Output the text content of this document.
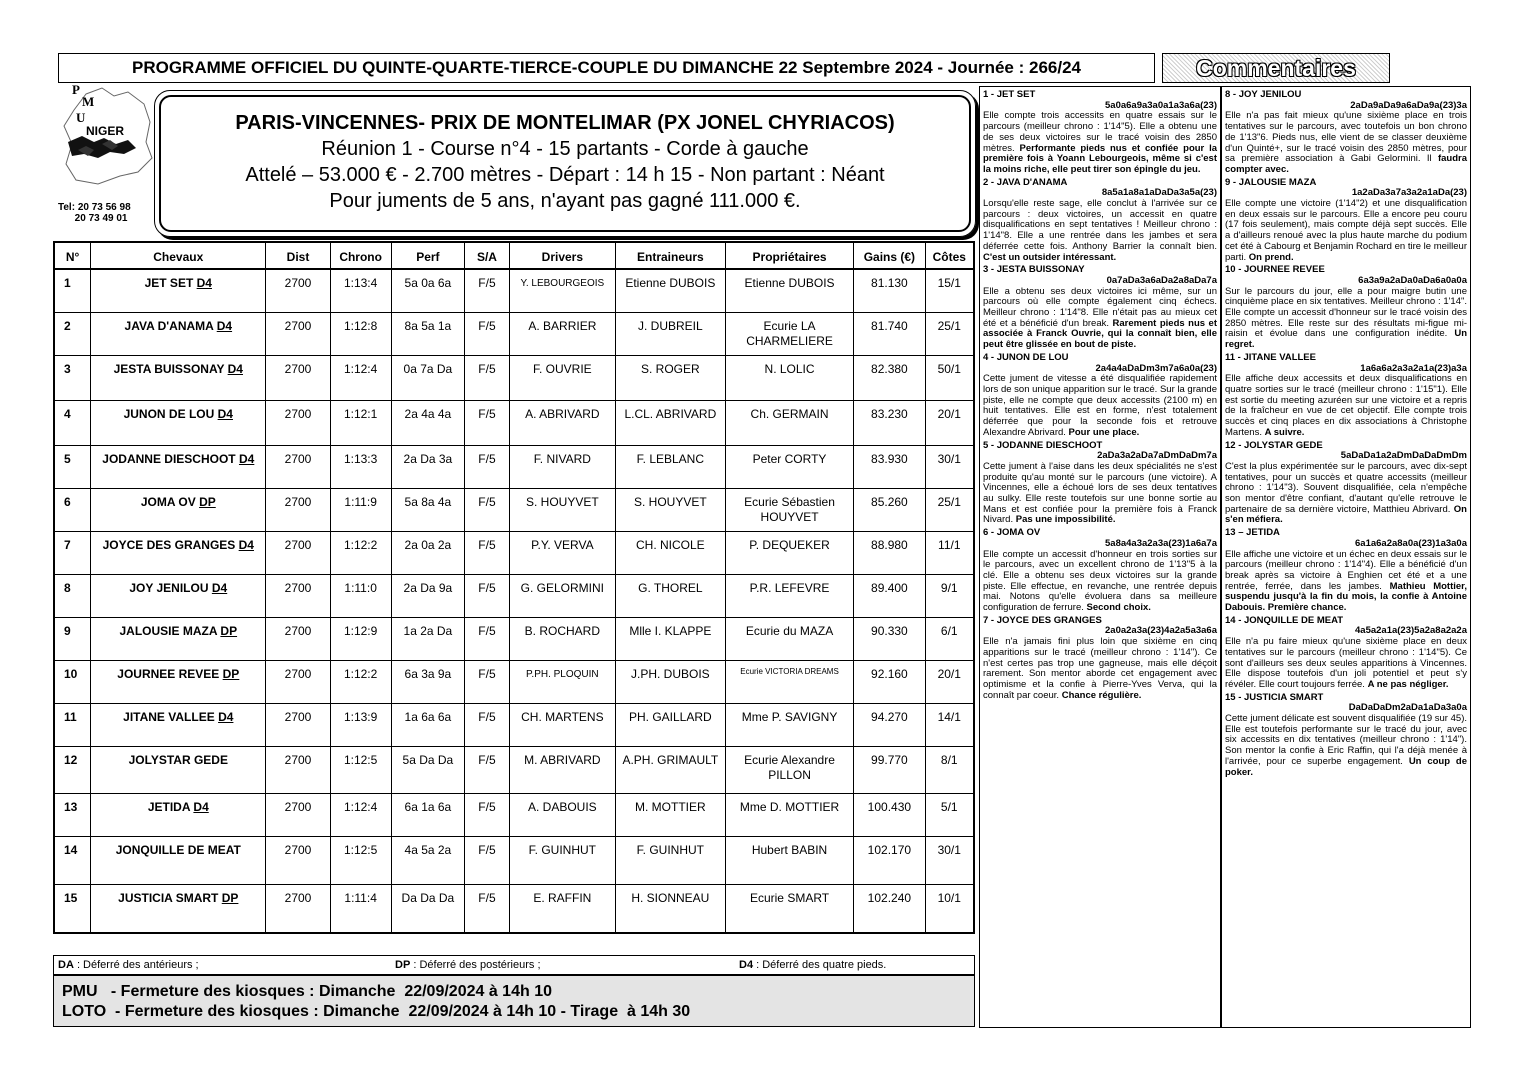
PROGRAMME OFFICIEL DU QUINTE-QUARTE-TIERCE-COUPLE DU DIMANCHE 22 Septembre 2024 - Journée : 266/24	Commentaires
P
M
U
NIGER
Tel: 20 73 56 98
20 73 49 01
PARIS-VINCENNES- PRIX DE MONTELIMAR (PX JONEL CHYRIACOS)
Réunion 1 - Course n°4 - 15 partants - Corde à gauche
Attelé – 53.000 € - 2.700 mètres - Départ : 14 h 15 - Non partant : Néant
Pour juments de 5 ans, n'ayant pas gagné 111.000 €.
N°	Chevaux	Dist	Chrono	Perf	S/A	Drivers	Entraineurs	Propriétaires	Gains (€)	Côtes
1	JET SET D4	2700	1:13:4	5a 0a 6a	F/5	Y. LEBOURGEOIS	Etienne DUBOIS	Etienne DUBOIS	81.130	15/1
2	JAVA D'ANAMA D4	2700	1:12:8	8a 5a 1a	F/5	A. BARRIER	J. DUBREIL	Ecurie LA CHARMELIERE	81.740	25/1
3	JESTA BUISSONAY D4	2700	1:12:4	0a 7a Da	F/5	F. OUVRIE	S. ROGER	N. LOLIC	82.380	50/1
4	JUNON DE LOU D4	2700	1:12:1	2a 4a 4a	F/5	A. ABRIVARD	L.CL. ABRIVARD	Ch. GERMAIN	83.230	20/1
5	JODANNE DIESCHOOT D4	2700	1:13:3	2a Da 3a	F/5	F. NIVARD	F. LEBLANC	Peter CORTY	83.930	30/1
6	JOMA OV DP	2700	1:11:9	5a 8a 4a	F/5	S. HOUYVET	S. HOUYVET	Ecurie Sébastien HOUYVET	85.260	25/1
7	JOYCE DES GRANGES D4	2700	1:12:2	2a 0a 2a	F/5	P.Y. VERVA	CH. NICOLE	P. DEQUEKER	88.980	11/1
8	JOY JENILOU D4	2700	1:11:0	2a Da 9a	F/5	G. GELORMINI	G. THOREL	P.R. LEFEVRE	89.400	9/1
9	JALOUSIE MAZA DP	2700	1:12:9	1a 2a Da	F/5	B. ROCHARD	Mlle I. KLAPPE	Ecurie du MAZA	90.330	6/1
10	JOURNEE REVEE DP	2700	1:12:2	6a 3a 9a	F/5	P.PH. PLOQUIN	J.PH. DUBOIS	Ecurie VICTORIA DREAMS	92.160	20/1
11	JITANE VALLEE D4	2700	1:13:9	1a 6a 6a	F/5	CH. MARTENS	PH. GAILLARD	Mme P. SAVIGNY	94.270	14/1
12	JOLYSTAR GEDE	2700	1:12:5	5a Da Da	F/5	M. ABRIVARD	A.PH. GRIMAULT	Ecurie Alexandre PILLON	99.770	8/1
13	JETIDA D4	2700	1:12:4	6a 1a 6a	F/5	A. DABOUIS	M. MOTTIER	Mme D. MOTTIER	100.430	5/1
14	JONQUILLE DE MEAT	2700	1:12:5	4a 5a 2a	F/5	F. GUINHUT	F. GUINHUT	Hubert BABIN	102.170	30/1
15	JUSTICIA SMART DP	2700	1:11:4	Da Da Da	F/5	E. RAFFIN	H. SIONNEAU	Ecurie SMART	102.240	10/1
DA : Déferré des antérieurs ;	DP : Déferré des postérieurs ;	D4 : Déferré des quatre pieds.
PMU   - Fermeture des kiosques : Dimanche  22/09/2024 à 14h 10
LOTO  - Fermeture des kiosques : Dimanche  22/09/2024 à 14h 10 - Tirage  à 14h 30
1 - JET SET
5a0a6a9a3a0a1a3a6a(23)
Elle compte trois accessits en quatre essais sur le parcours (meilleur chrono : 1'14"5). Elle a obtenu une de ses deux victoires sur le tracé voisin des 2850 mètres. Performante pieds nus et confiée pour la première fois à Yoann Lebourgeois, même si c'est la moins riche, elle peut tirer son épingle du jeu.
2 - JAVA D'ANAMA
8a5a1a8a1aDaDa3a5a(23)
Lorsqu'elle reste sage, elle conclut à l'arrivée sur ce parcours : deux victoires, un accessit en quatre disqualifications en sept tentatives ! Meilleur chrono : 1'14"8. Elle a une rentrée dans les jambes et sera déferrée cette fois. Anthony Barrier la connaît bien. C'est un outsider intéressant.
3 - JESTA BUISSONAY
0a7aDa3a6aDa2a8aDa7a
Elle a obtenu ses deux victoires ici même, sur un parcours où elle compte également cinq échecs. Meilleur chrono : 1'14"8. Elle n'était pas au mieux cet été et a bénéficié d'un break. Rarement pieds nus et associée à Franck Ouvrie, qui la connaît bien, elle peut être glissée en bout de piste.
4 - JUNON DE LOU
2a4a4aDaDm3m7a6a0a(23)
Cette jument de vitesse a été disqualifiée rapidement lors de son unique apparition sur le tracé. Sur la grande piste, elle ne compte que deux accessits (2100 m) en huit tentatives. Elle est en forme, n'est totalement déferrée que pour la seconde fois et retrouve Alexandre Abrivard. Pour une place.
5 - JODANNE DIESCHOOT
2aDa3a2aDa7aDmDaDm7a
Cette jument à l'aise dans les deux spécialités ne s'est produite qu'au monté sur le parcours (une victoire). A Vincennes, elle a échoué lors de ses deux tentatives au sulky. Elle reste toutefois sur une bonne sortie au Mans et est confiée pour la première fois à Franck Nivard. Pas une impossibilité.
6 - JOMA OV
5a8a4a3a2a3a(23)1a6a7a
Elle compte un accessit d'honneur en trois sorties sur le parcours, avec un excellent chrono de 1'13"5 à la clé. Elle a obtenu ses deux victoires sur la grande piste. Elle effectue, en revanche, une rentrée depuis mai. Notons qu'elle évoluera dans sa meilleure configuration de ferrure. Second choix.
7 - JOYCE DES GRANGES
2a0a2a3a(23)4a2a5a3a6a
Elle n'a jamais fini plus loin que sixième en cinq apparitions sur le tracé (meilleur chrono : 1'14"). Ce n'est certes pas trop une gagneuse, mais elle déçoit rarement. Son mentor aborde cet engagement avec optimisme et la confie à Pierre-Yves Verva, qui la connaît par coeur. Chance régulière.
8 - JOY JENILOU
2aDa9aDa9a6aDa9a(23)3a
Elle n'a pas fait mieux qu'une sixième place en trois tentatives sur le parcours, avec toutefois un bon chrono de 1'13"6. Pieds nus, elle vient de se classer deuxième d'un Quinté+, sur le tracé voisin des 2850 mètres, pour sa première association à Gabi Gelormini. Il faudra compter avec.
9 - JALOUSIE MAZA
1a2aDa3a7a3a2a1aDa(23)
Elle compte une victoire (1'14"2) et une disqualification en deux essais sur le parcours. Elle a encore peu couru (17 fois seulement), mais compte déjà sept succès. Elle a d'ailleurs renoué avec la plus haute marche du podium cet été à Cabourg et Benjamin Rochard en tire le meilleur parti. On prend.
10 - JOURNEE REVEE
6a3a9a2aDa0aDa6a0a0a
Sur le parcours du jour, elle a pour maigre butin une cinquième place en six tentatives. Meilleur chrono : 1'14". Elle compte un accessit d'honneur sur le tracé voisin des 2850 mètres. Elle reste sur des résultats mi-figue mi-raisin et évolue dans une configuration inédite. Un regret.
11 - JITANE VALLEE
1a6a6a2a3a2a1a(23)a3a
Elle affiche deux accessits et deux disqualifications en quatre sorties sur le tracé (meilleur chrono : 1'15"1). Elle est sortie du meeting azuréen sur une victoire et a repris de la fraîcheur en vue de cet objectif. Elle compte trois succès et cinq places en dix associations à Christophe Martens. A suivre.
12 - JOLYSTAR GEDE
5aDaDa1a2aDmDaDaDmDm
C'est la plus expérimentée sur le parcours, avec dix-sept tentatives, pour un succès et quatre accessits (meilleur chrono : 1'14"3). Souvent disqualifiée, cela n'empêche son mentor d'être confiant, d'autant qu'elle retrouve le partenaire de sa dernière victoire, Matthieu Abrivard. On s'en méfiera.
13 – JETIDA
6a1a6a2a8a0a(23)1a3a0a
Elle affiche une victoire et un échec en deux essais sur le parcours (meilleur chrono : 1'14"4). Elle a bénéficié d'un break après sa victoire à Enghien cet été et a une rentrée, ferrée, dans les jambes. Mathieu Mottier, suspendu jusqu'à la fin du mois, la confie à Antoine Dabouis. Première chance.
14 - JONQUILLE DE MEAT
4a5a2a1a(23)5a2a8a2a2a
Elle n'a pu faire mieux qu'une sixième place en deux tentatives sur le parcours (meilleur chrono : 1'14"5). Ce sont d'ailleurs ses deux seules apparitions à Vincennes. Elle dispose toutefois d'un joli potentiel et peut s'y révéler. Elle court toujours ferrée. A ne pas négliger.
15 - JUSTICIA SMART
DaDaDaDm2aDa1aDa3a0a
Cette jument délicate est souvent disqualifiée (19 sur 45). Elle est toutefois performante sur le tracé du jour, avec six accessits en dix tentatives (meilleur chrono : 1'14"). Son mentor la confie à Eric Raffin, qui l'a déjà menée à l'arrivée, pour ce superbe engagement. Un coup de poker.
